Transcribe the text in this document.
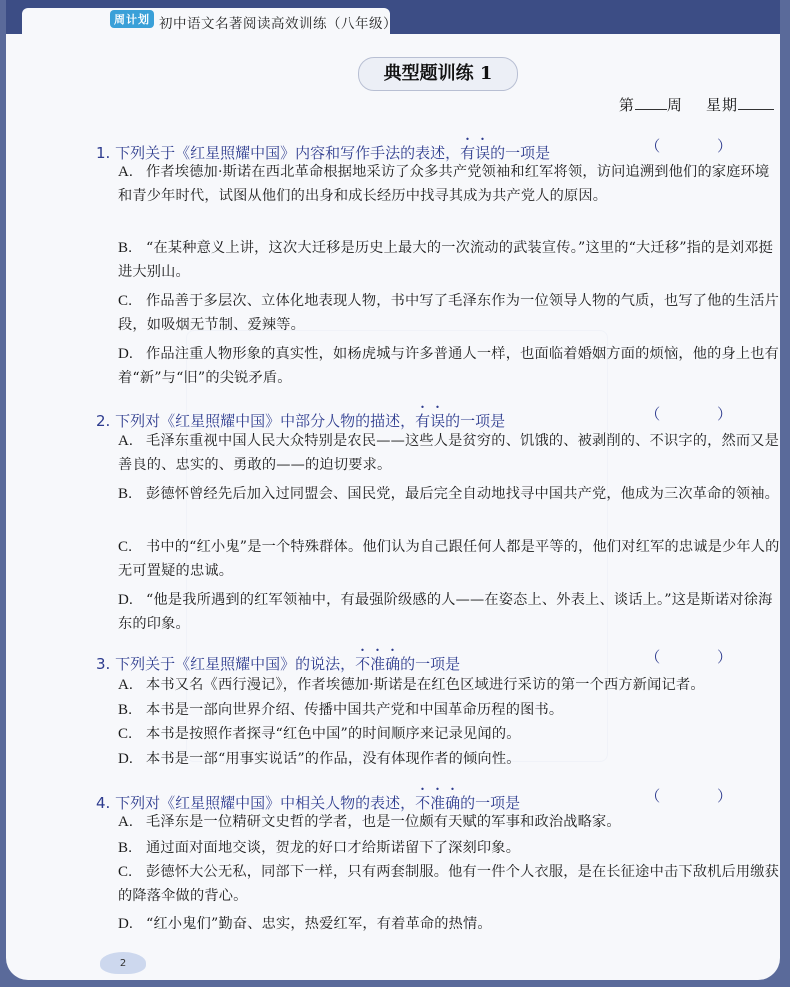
周计划 初中语文名著阅读高效训练（八年级）
典型题训练 1
第 周 星期
1. 下列关于《红星照耀中国》内容和写作手法的表述，有误的一项是	（ ）
A. 作者埃德加·斯诺在西北革命根据地采访了众多共产党领袖和红军将领，访问追溯到他们的家庭环境和青少年时代，试图从他们的出身和成长经历中找寻其成为共产党人的原因。
B. “在某种意义上讲，这次大迁移是历史上最大的一次流动的武装宣传。”这里的“大迁移”指的是刘邓挺进大别山。
C. 作品善于多层次、立体化地表现人物，书中写了毛泽东作为一位领导人物的气质，也写了他的生活片段，如吸烟无节制、爱辣等。
D. 作品注重人物形象的真实性，如杨虎城与许多普通人一样，也面临着婚姻方面的烦恼，他的身上也有着“新”与“旧”的尖锐矛盾。
2. 下列对《红星照耀中国》中部分人物的描述，有误的一项是	（ ）
A. 毛泽东重视中国人民大众特别是农民——这些人是贫穷的、饥饿的、被剥削的、不识字的，然而又是善良的、忠实的、勇敢的——的迫切要求。
B. 彭德怀曾经先后加入过同盟会、国民党，最后完全自动地找寻中国共产党，他成为三次革命的领袖。
C. 书中的“红小鬼”是一个特殊群体。他们认为自己跟任何人都是平等的，他们对红军的忠诚是少年人的无可置疑的忠诚。
D. “他是我所遇到的红军领袖中，有最强阶级感的人——在姿态上、外表上、谈话上。”这是斯诺对徐海东的印象。
3. 下列关于《红星照耀中国》的说法，不准确的一项是	（ ）
A. 本书又名《西行漫记》，作者埃德加·斯诺是在红色区域进行采访的第一个西方新闻记者。
B. 本书是一部向世界介绍、传播中国共产党和中国革命历程的图书。
C. 本书是按照作者探寻“红色中国”的时间顺序来记录见闻的。
D. 本书是一部“用事实说话”的作品，没有体现作者的倾向性。
4. 下列对《红星照耀中国》中相关人物的表述，不准确的一项是	（ ）
A. 毛泽东是一位精研文史哲的学者，也是一位颇有天赋的军事和政治战略家。
B. 通过面对面地交谈，贺龙的好口才给斯诺留下了深刻印象。
C. 彭德怀大公无私，同部下一样，只有两套制服。他有一件个人衣服，是在长征途中击下敌机后用缴获的降落伞做的背心。
D. “红小鬼们”勤奋、忠实，热爱红军，有着革命的热情。
2
